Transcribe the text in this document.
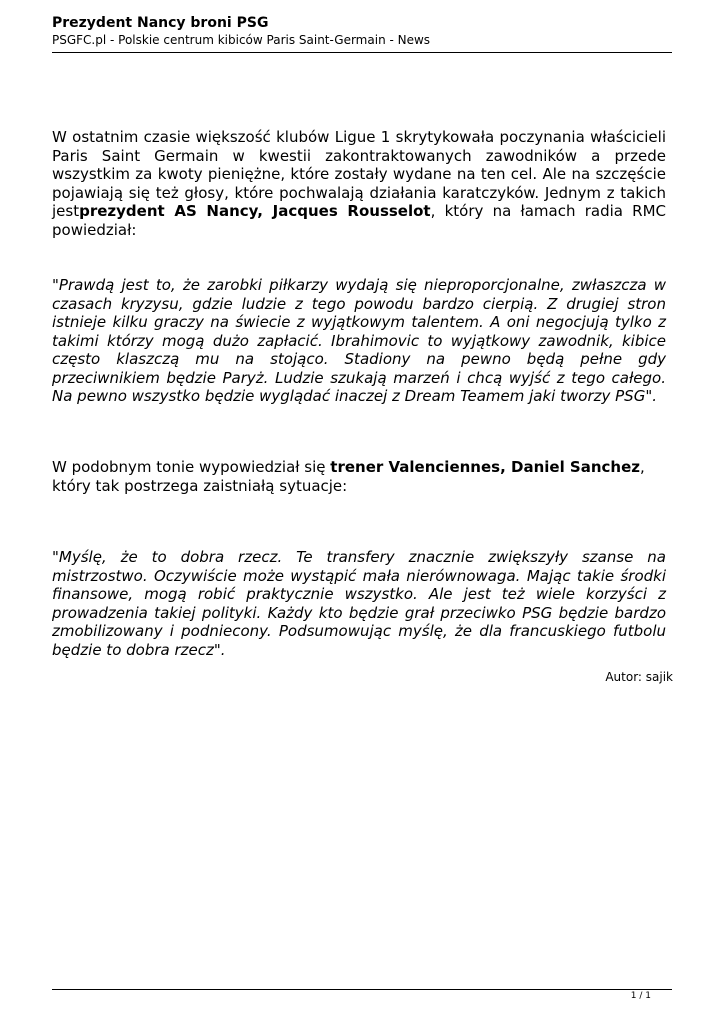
Prezydent Nancy broni PSG
PSGFC.pl - Polskie centrum kibiców Paris Saint-Germain - News

W ostatnim czasie większość klubów Ligue 1 skrytykowała poczynania właścicieli Paris Saint Germain w kwestii zakontraktowanych zawodników a przede wszystkim za kwoty pieniężne, które zostały wydane na ten cel. Ale na szczęście pojawiają się też głosy, które pochwalają działania karatczyków. Jednym z takich jestprezydent AS Nancy, Jacques Rousselot, który na łamach radia RMC powiedział:

"Prawdą jest to, że zarobki piłkarzy wydają się nieproporcjonalne, zwłaszcza w czasach kryzysu, gdzie ludzie z tego powodu bardzo cierpią. Z drugiej stron istnieje kilku graczy na świecie z wyjątkowym talentem. A oni negocjują tylko z takimi którzy mogą dużo zapłacić. Ibrahimovic to wyjątkowy zawodnik, kibice często klaszczą mu na stojąco. Stadiony na pewno będą pełne gdy przeciwnikiem będzie Paryż. Ludzie szukają marzeń i chcą wyjść z tego całego. Na pewno wszystko będzie wyglądać inaczej z Dream Teamem jaki tworzy PSG".

W podobnym tonie wypowiedział się trener Valenciennes, Daniel Sanchez, który tak postrzega zaistniałą sytuacje:

"Myślę, że to dobra rzecz. Te transfery znacznie zwiększyły szanse na mistrzostwo. Oczywiście może wystąpić mała nierównowaga. Mając takie środki finansowe, mogą robić praktycznie wszystko. Ale jest też wiele korzyści z prowadzenia takiej polityki. Każdy kto będzie grał przeciwko PSG będzie bardzo zmobilizowany i podniecony. Podsumowując myślę, że dla francuskiego futbolu będzie to dobra rzecz".

Autor: sajik
1 / 1
